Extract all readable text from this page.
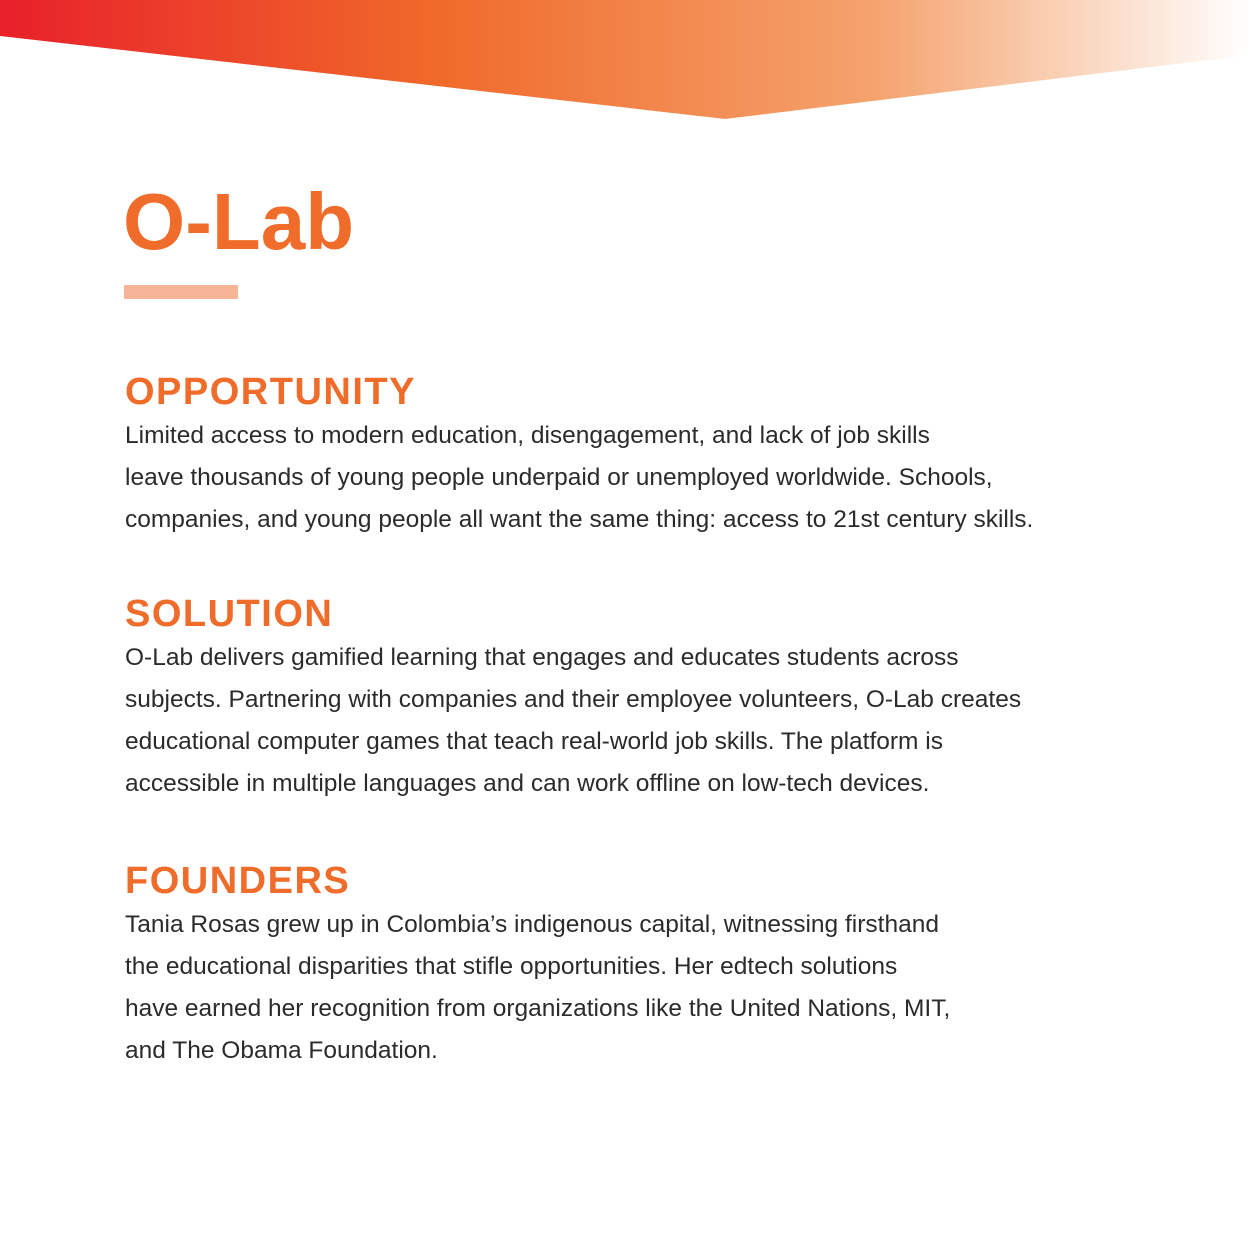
O-Lab
OPPORTUNITY

Limited access to modern education, disengagement, and lack of job skills
leave thousands of young people underpaid or unemployed worldwide. Schools,
companies, and young people all want the same thing: access to 21st century skills.

SOLUTION

O-Lab delivers gamified learning that engages and educates students across
subjects. Partnering with companies and their employee volunteers, O-Lab creates
educational computer games that teach real-world job skills. The platform is
accessible in multiple languages and can work offline on low-tech devices.

FOUNDERS

Tania Rosas grew up in Colombia’s indigenous capital, witnessing firsthand
the educational disparities that stifle opportunities. Her edtech solutions
have earned her recognition from organizations like the United Nations, MIT,
and The Obama Foundation.
